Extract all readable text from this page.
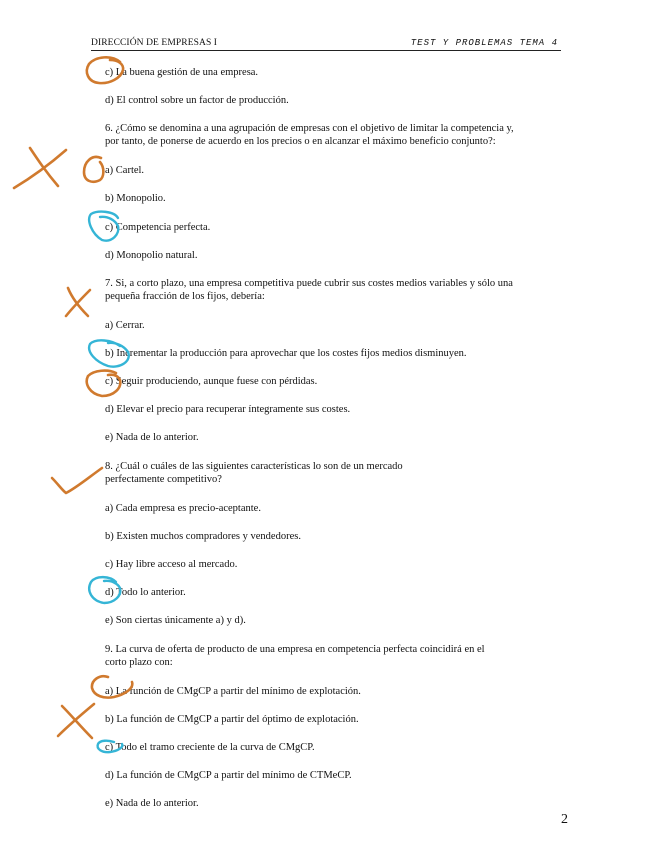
DIRECCIÓN DE EMPRESAS I	TEST Y PROBLEMAS TEMA 4
c) La buena gestión de una empresa.
d) El control sobre un factor de producción.
6. ¿Cómo se denomina a una agrupación de empresas con el objetivo de limitar la competencia y,
por tanto, de ponerse de acuerdo en los precios o en alcanzar el máximo beneficio conjunto?:
a) Cartel.
b) Monopolio.
c) Competencia perfecta.
d) Monopolio natural.
7. Si, a corto plazo, una empresa competitiva puede cubrir sus costes medios variables y sólo una
pequeña fracción de los fijos, debería:
a) Cerrar.
b) Incrementar la producción para aprovechar que los costes fijos medios disminuyen.
c) Seguir produciendo, aunque fuese con pérdidas.
d) Elevar el precio para recuperar íntegramente sus costes.
e) Nada de lo anterior.
8. ¿Cuál o cuáles de las siguientes características lo son de un mercado
perfectamente competitivo?
a) Cada empresa es precio-aceptante.
b) Existen muchos compradores y vendedores.
c) Hay libre acceso al mercado.
d) Todo lo anterior.
e) Son ciertas únicamente a) y d).
9. La curva de oferta de producto de una empresa en competencia perfecta coincidirá en el
corto plazo con:
a) La función de CMgCP a partir del mínimo de explotación.
b) La función de CMgCP a partir del óptimo de explotación.
c) Todo el tramo creciente de la curva de CMgCP.
d) La función de CMgCP a partir del mínimo de CTMeCP.
e) Nada de lo anterior.
2
